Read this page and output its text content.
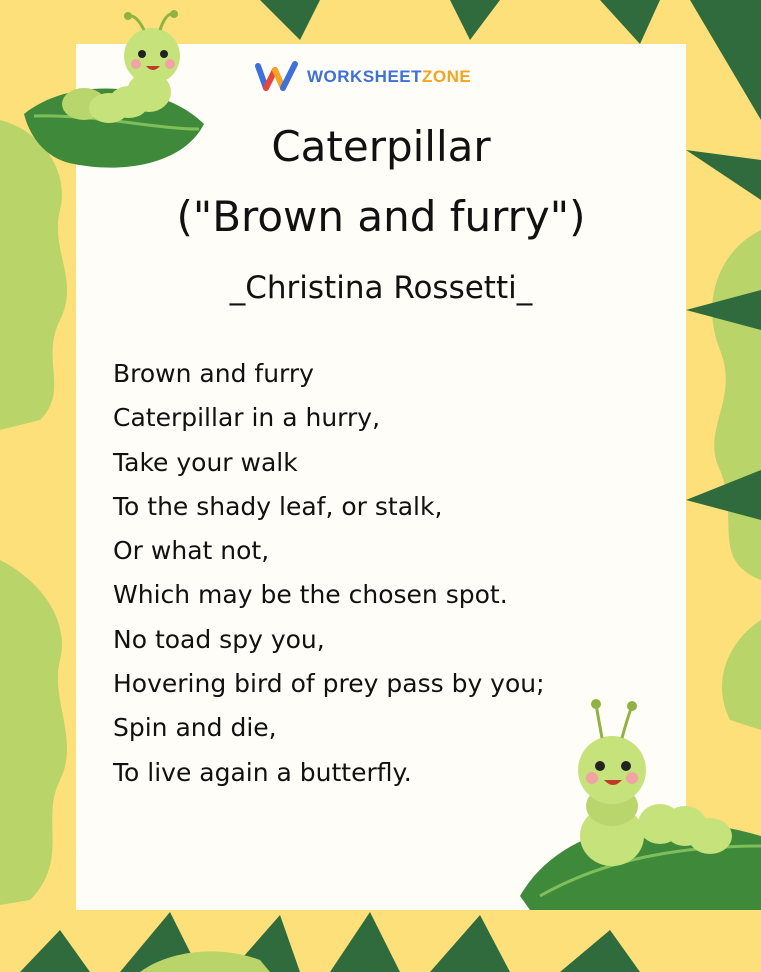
WORKSHEETZONE
Caterpillar
("Brown and furry")
_Christina Rossetti_
Brown and furry
Caterpillar in a hurry,
Take your walk
To the shady leaf, or stalk,
Or what not,
Which may be the chosen spot.
No toad spy you,
Hovering bird of prey pass by you;
Spin and die,
To live again a butterfly.
